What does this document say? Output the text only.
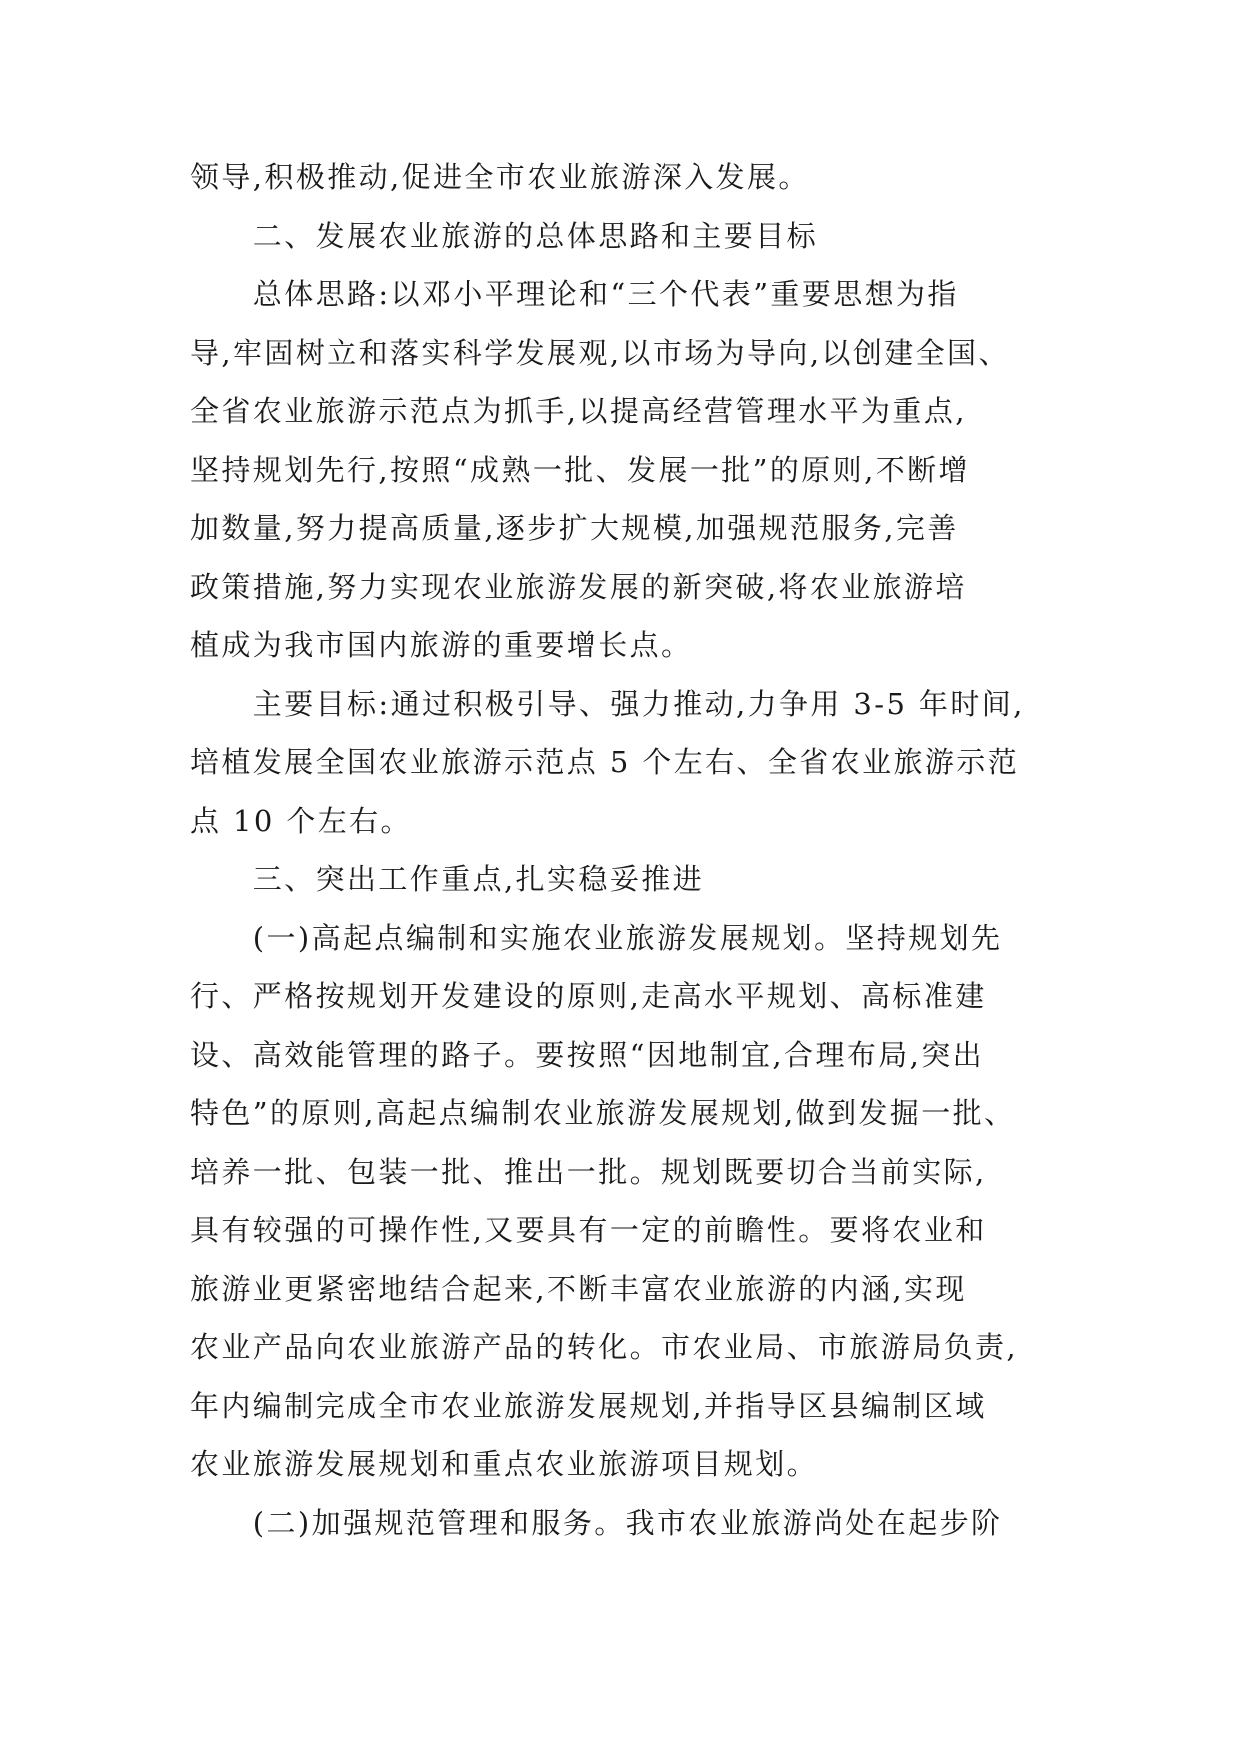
领导,积极推动,促进全市农业旅游深入发展。
　　二、发展农业旅游的总体思路和主要目标
　　总体思路:以邓小平理论和“三个代表”重要思想为指
导,牢固树立和落实科学发展观,以市场为导向,以创建全国、
全省农业旅游示范点为抓手,以提高经营管理水平为重点,
坚持规划先行,按照“成熟一批、发展一批”的原则,不断增
加数量,努力提高质量,逐步扩大规模,加强规范服务,完善
政策措施,努力实现农业旅游发展的新突破,将农业旅游培
植成为我市国内旅游的重要增长点。
　　主要目标:通过积极引导、强力推动,力争用 3-5 年时间,
培植发展全国农业旅游示范点 5 个左右、全省农业旅游示范
点 10 个左右。
　　三、突出工作重点,扎实稳妥推进
　　(一)高起点编制和实施农业旅游发展规划。坚持规划先
行、严格按规划开发建设的原则,走高水平规划、高标准建
设、高效能管理的路子。要按照“因地制宜,合理布局,突出
特色”的原则,高起点编制农业旅游发展规划,做到发掘一批、
培养一批、包装一批、推出一批。规划既要切合当前实际,
具有较强的可操作性,又要具有一定的前瞻性。要将农业和
旅游业更紧密地结合起来,不断丰富农业旅游的内涵,实现
农业产品向农业旅游产品的转化。市农业局、市旅游局负责,
年内编制完成全市农业旅游发展规划,并指导区县编制区域
农业旅游发展规划和重点农业旅游项目规划。
　　(二)加强规范管理和服务。我市农业旅游尚处在起步阶
